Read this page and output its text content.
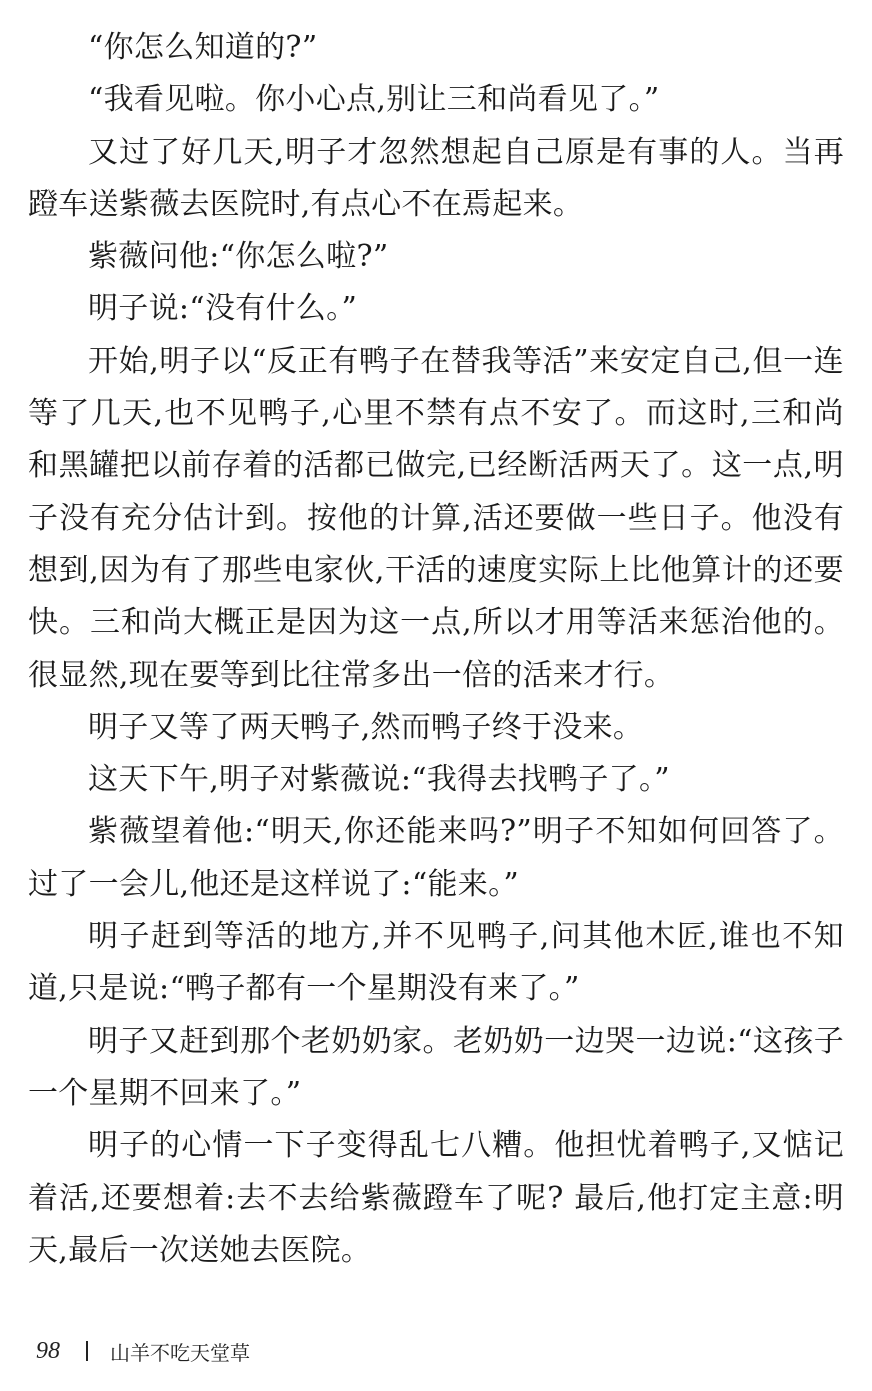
“你怎么知道的?”

“我看见啦。你小心点,别让三和尚看见了。”

又过了好几天,明子才忽然想起自己原是有事的人。当再蹬车送紫薇去医院时,有点心不在焉起来。

紫薇问他:“你怎么啦?”

明子说:“没有什么。”

开始,明子以“反正有鸭子在替我等活”来安定自己,但一连等了几天,也不见鸭子,心里不禁有点不安了。而这时,三和尚和黑罐把以前存着的活都已做完,已经断活两天了。这一点,明子没有充分估计到。按他的计算,活还要做一些日子。他没有想到,因为有了那些电家伙,干活的速度实际上比他算计的还要快。三和尚大概正是因为这一点,所以才用等活来惩治他的。很显然,现在要等到比往常多出一倍的活来才行。

明子又等了两天鸭子,然而鸭子终于没来。

这天下午,明子对紫薇说:“我得去找鸭子了。”

紫薇望着他:“明天,你还能来吗?”明子不知如何回答了。过了一会儿,他还是这样说了:“能来。”

明子赶到等活的地方,并不见鸭子,问其他木匠,谁也不知道,只是说:“鸭子都有一个星期没有来了。”

明子又赶到那个老奶奶家。老奶奶一边哭一边说:“这孩子一个星期不回来了。”

明子的心情一下子变得乱七八糟。他担忧着鸭子,又惦记着活,还要想着:去不去给紫薇蹬车了呢? 最后,他打定主意:明天,最后一次送她去医院。

98	山羊不吃天堂草
